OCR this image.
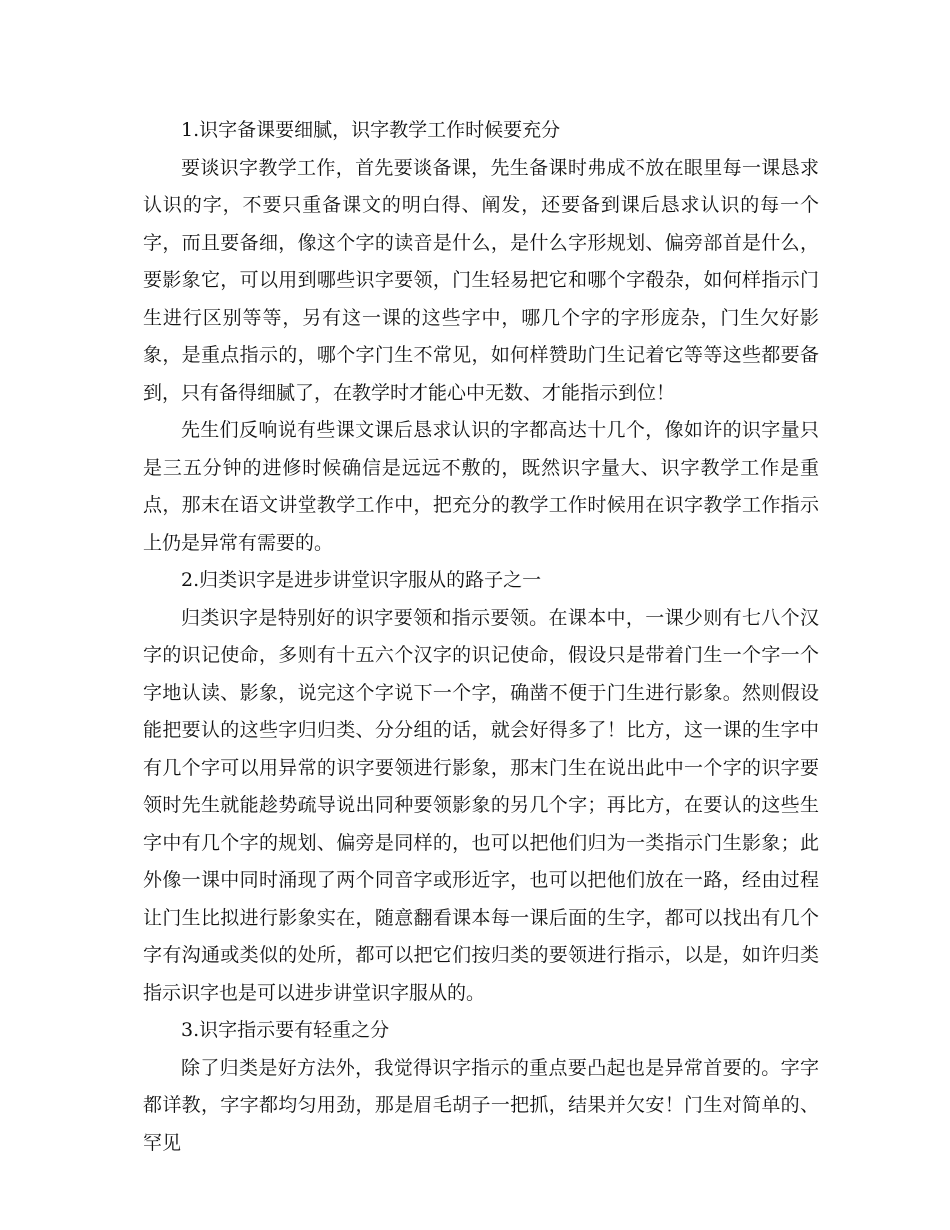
1.识字备课要细腻，识字教学工作时候要充分

要谈识字教学工作，首先要谈备课，先生备课时弗成不放在眼里每一课恳求认识的字，不要只重备课文的明白得、阐发，还要备到课后恳求认识的每一个字，而且要备细，像这个字的读音是什么，是什么字形规划、偏旁部首是什么，要影象它，可以用到哪些识字要领，门生轻易把它和哪个字殽杂，如何样指示门生进行区别等等，另有这一课的这些字中，哪几个字的字形庞杂，门生欠好影象，是重点指示的，哪个字门生不常见，如何样赞助门生记着它等等这些都要备到，只有备得细腻了，在教学时才能心中无数、才能指示到位！

先生们反响说有些课文课后恳求认识的字都高达十几个，像如许的识字量只是三五分钟的进修时候确信是远远不敷的，既然识字量大、识字教学工作是重点，那末在语文讲堂教学工作中，把充分的教学工作时候用在识字教学工作指示上仍是异常有需要的。

2.归类识字是进步讲堂识字服从的路子之一

归类识字是特别好的识字要领和指示要领。在课本中，一课少则有七八个汉字的识记使命，多则有十五六个汉字的识记使命，假设只是带着门生一个字一个字地认读、影象，说完这个字说下一个字，确凿不便于门生进行影象。然则假设能把要认的这些字归归类、分分组的话，就会好得多了！比方，这一课的生字中有几个字可以用异常的识字要领进行影象，那末门生在说出此中一个字的识字要领时先生就能趁势疏导说出同种要领影象的另几个字；再比方，在要认的这些生字中有几个字的规划、偏旁是同样的，也可以把他们归为一类指示门生影象；此外像一课中同时涌现了两个同音字或形近字，也可以把他们放在一路，经由过程让门生比拟进行影象实在，随意翻看课本每一课后面的生字，都可以找出有几个字有沟通或类似的处所，都可以把它们按归类的要领进行指示，以是，如许归类指示识字也是可以进步讲堂识字服从的。

3.识字指示要有轻重之分

除了归类是好方法外，我觉得识字指示的重点要凸起也是异常首要的。字字都详教，字字都均匀用劲，那是眉毛胡子一把抓，结果并欠安！门生对简单的、罕见
